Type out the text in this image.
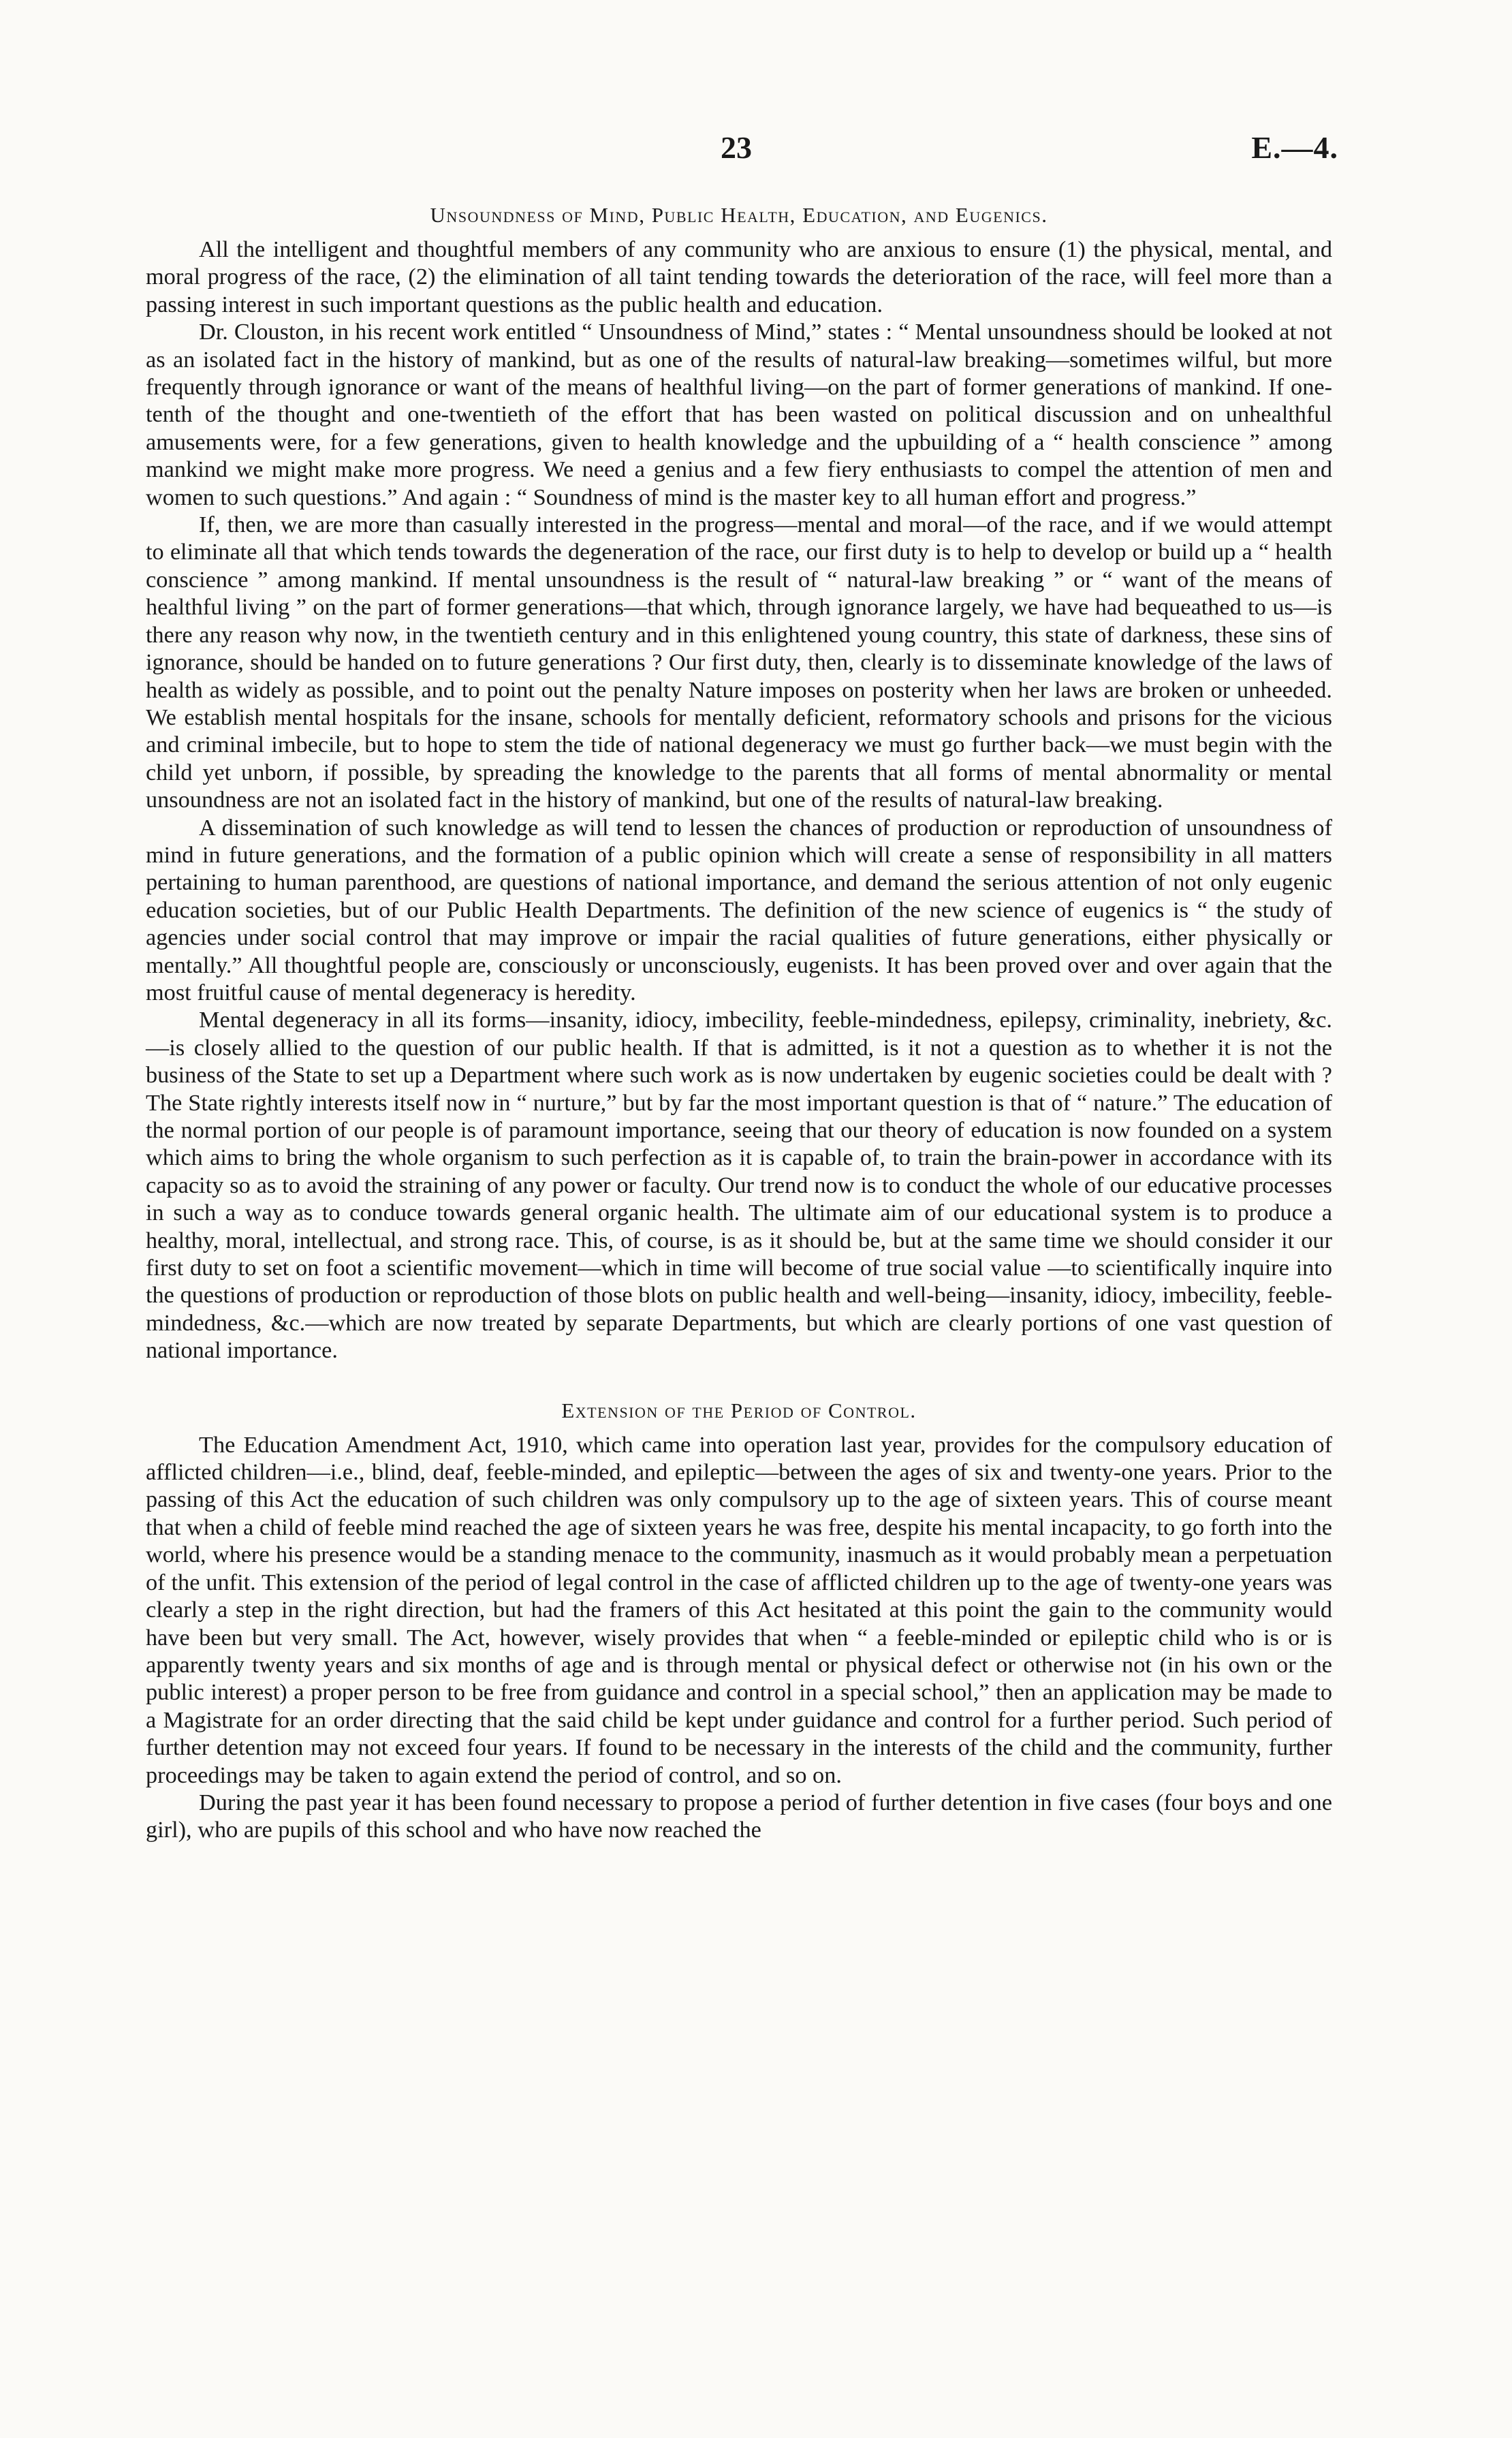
23	E.—4.
Unsoundness of Mind, Public Health, Education, and Eugenics.

All the intelligent and thoughtful members of any community who are anxious to ensure (1) the physical, mental, and moral progress of the race, (2) the elimination of all taint tending towards the deterioration of the race, will feel more than a passing interest in such important questions as the public health and education.

Dr. Clouston, in his recent work entitled “ Unsoundness of Mind,” states : “ Mental unsoundness should be looked at not as an isolated fact in the history of mankind, but as one of the results of natural-law breaking—sometimes wilful, but more frequently through ignorance or want of the means of healthful living—on the part of former generations of mankind. If one-tenth of the thought and one-twentieth of the effort that has been wasted on political discussion and on unhealthful amusements were, for a few generations, given to health knowledge and the upbuilding of a “ health conscience ” among mankind we might make more progress. We need a genius and a few fiery enthusiasts to compel the attention of men and women to such questions.” And again : “ Soundness of mind is the master key to all human effort and progress.”

If, then, we are more than casually interested in the progress—mental and moral—of the race, and if we would attempt to eliminate all that which tends towards the degeneration of the race, our first duty is to help to develop or build up a “ health conscience ” among mankind. If mental unsoundness is the result of “ natural-law breaking ” or “ want of the means of healthful living ” on the part of former generations—that which, through ignorance largely, we have had bequeathed to us—is there any reason why now, in the twentieth century and in this enlightened young country, this state of darkness, these sins of ignorance, should be handed on to future generations ? Our first duty, then, clearly is to disseminate knowledge of the laws of health as widely as possible, and to point out the penalty Nature imposes on posterity when her laws are broken or unheeded. We establish mental hospitals for the insane, schools for mentally deficient, reformatory schools and prisons for the vicious and criminal imbecile, but to hope to stem the tide of national degeneracy we must go further back—we must begin with the child yet unborn, if possible, by spreading the knowledge to the parents that all forms of mental abnormality or mental unsoundness are not an isolated fact in the history of mankind, but one of the results of natural-law breaking.

A dissemination of such knowledge as will tend to lessen the chances of production or reproduction of unsoundness of mind in future generations, and the formation of a public opinion which will create a sense of responsibility in all matters pertaining to human parenthood, are questions of national importance, and demand the serious attention of not only eugenic education societies, but of our Public Health Departments. The definition of the new science of eugenics is “ the study of agencies under social control that may improve or impair the racial qualities of future generations, either physically or mentally.” All thoughtful people are, consciously or unconsciously, eugenists. It has been proved over and over again that the most fruitful cause of mental degeneracy is heredity.

Mental degeneracy in all its forms—insanity, idiocy, imbecility, feeble-mindedness, epilepsy, criminality, inebriety, &c.—is closely allied to the question of our public health. If that is admitted, is it not a question as to whether it is not the business of the State to set up a Department where such work as is now undertaken by eugenic societies could be dealt with ? The State rightly interests itself now in “ nurture,” but by far the most important question is that of “ nature.” The education of the normal portion of our people is of paramount importance, seeing that our theory of education is now founded on a system which aims to bring the whole organism to such perfection as it is capable of, to train the brain-power in accordance with its capacity so as to avoid the straining of any power or faculty. Our trend now is to conduct the whole of our educative processes in such a way as to conduce towards general organic health. The ultimate aim of our educational system is to produce a healthy, moral, intellectual, and strong race. This, of course, is as it should be, but at the same time we should consider it our first duty to set on foot a scientific movement—which in time will become of true social value —to scientifically inquire into the questions of production or reproduction of those blots on public health and well-being—insanity, idiocy, imbecility, feeble-mindedness, &c.—which are now treated by separate Departments, but which are clearly portions of one vast question of national importance.

Extension of the Period of Control.

The Education Amendment Act, 1910, which came into operation last year, provides for the compulsory education of afflicted children—i.e., blind, deaf, feeble-minded, and epileptic—between the ages of six and twenty-one years. Prior to the passing of this Act the education of such children was only compulsory up to the age of sixteen years. This of course meant that when a child of feeble mind reached the age of sixteen years he was free, despite his mental incapacity, to go forth into the world, where his presence would be a standing menace to the community, inasmuch as it would probably mean a perpetuation of the unfit. This extension of the period of legal control in the case of afflicted children up to the age of twenty-one years was clearly a step in the right direction, but had the framers of this Act hesitated at this point the gain to the community would have been but very small. The Act, however, wisely provides that when “ a feeble-minded or epileptic child who is or is apparently twenty years and six months of age and is through mental or physical defect or otherwise not (in his own or the public interest) a proper person to be free from guidance and control in a special school,” then an application may be made to a Magistrate for an order directing that the said child be kept under guidance and control for a further period. Such period of further detention may not exceed four years. If found to be necessary in the interests of the child and the community, further proceedings may be taken to again extend the period of control, and so on.

During the past year it has been found necessary to propose a period of further detention in five cases (four boys and one girl), who are pupils of this school and who have now reached the
